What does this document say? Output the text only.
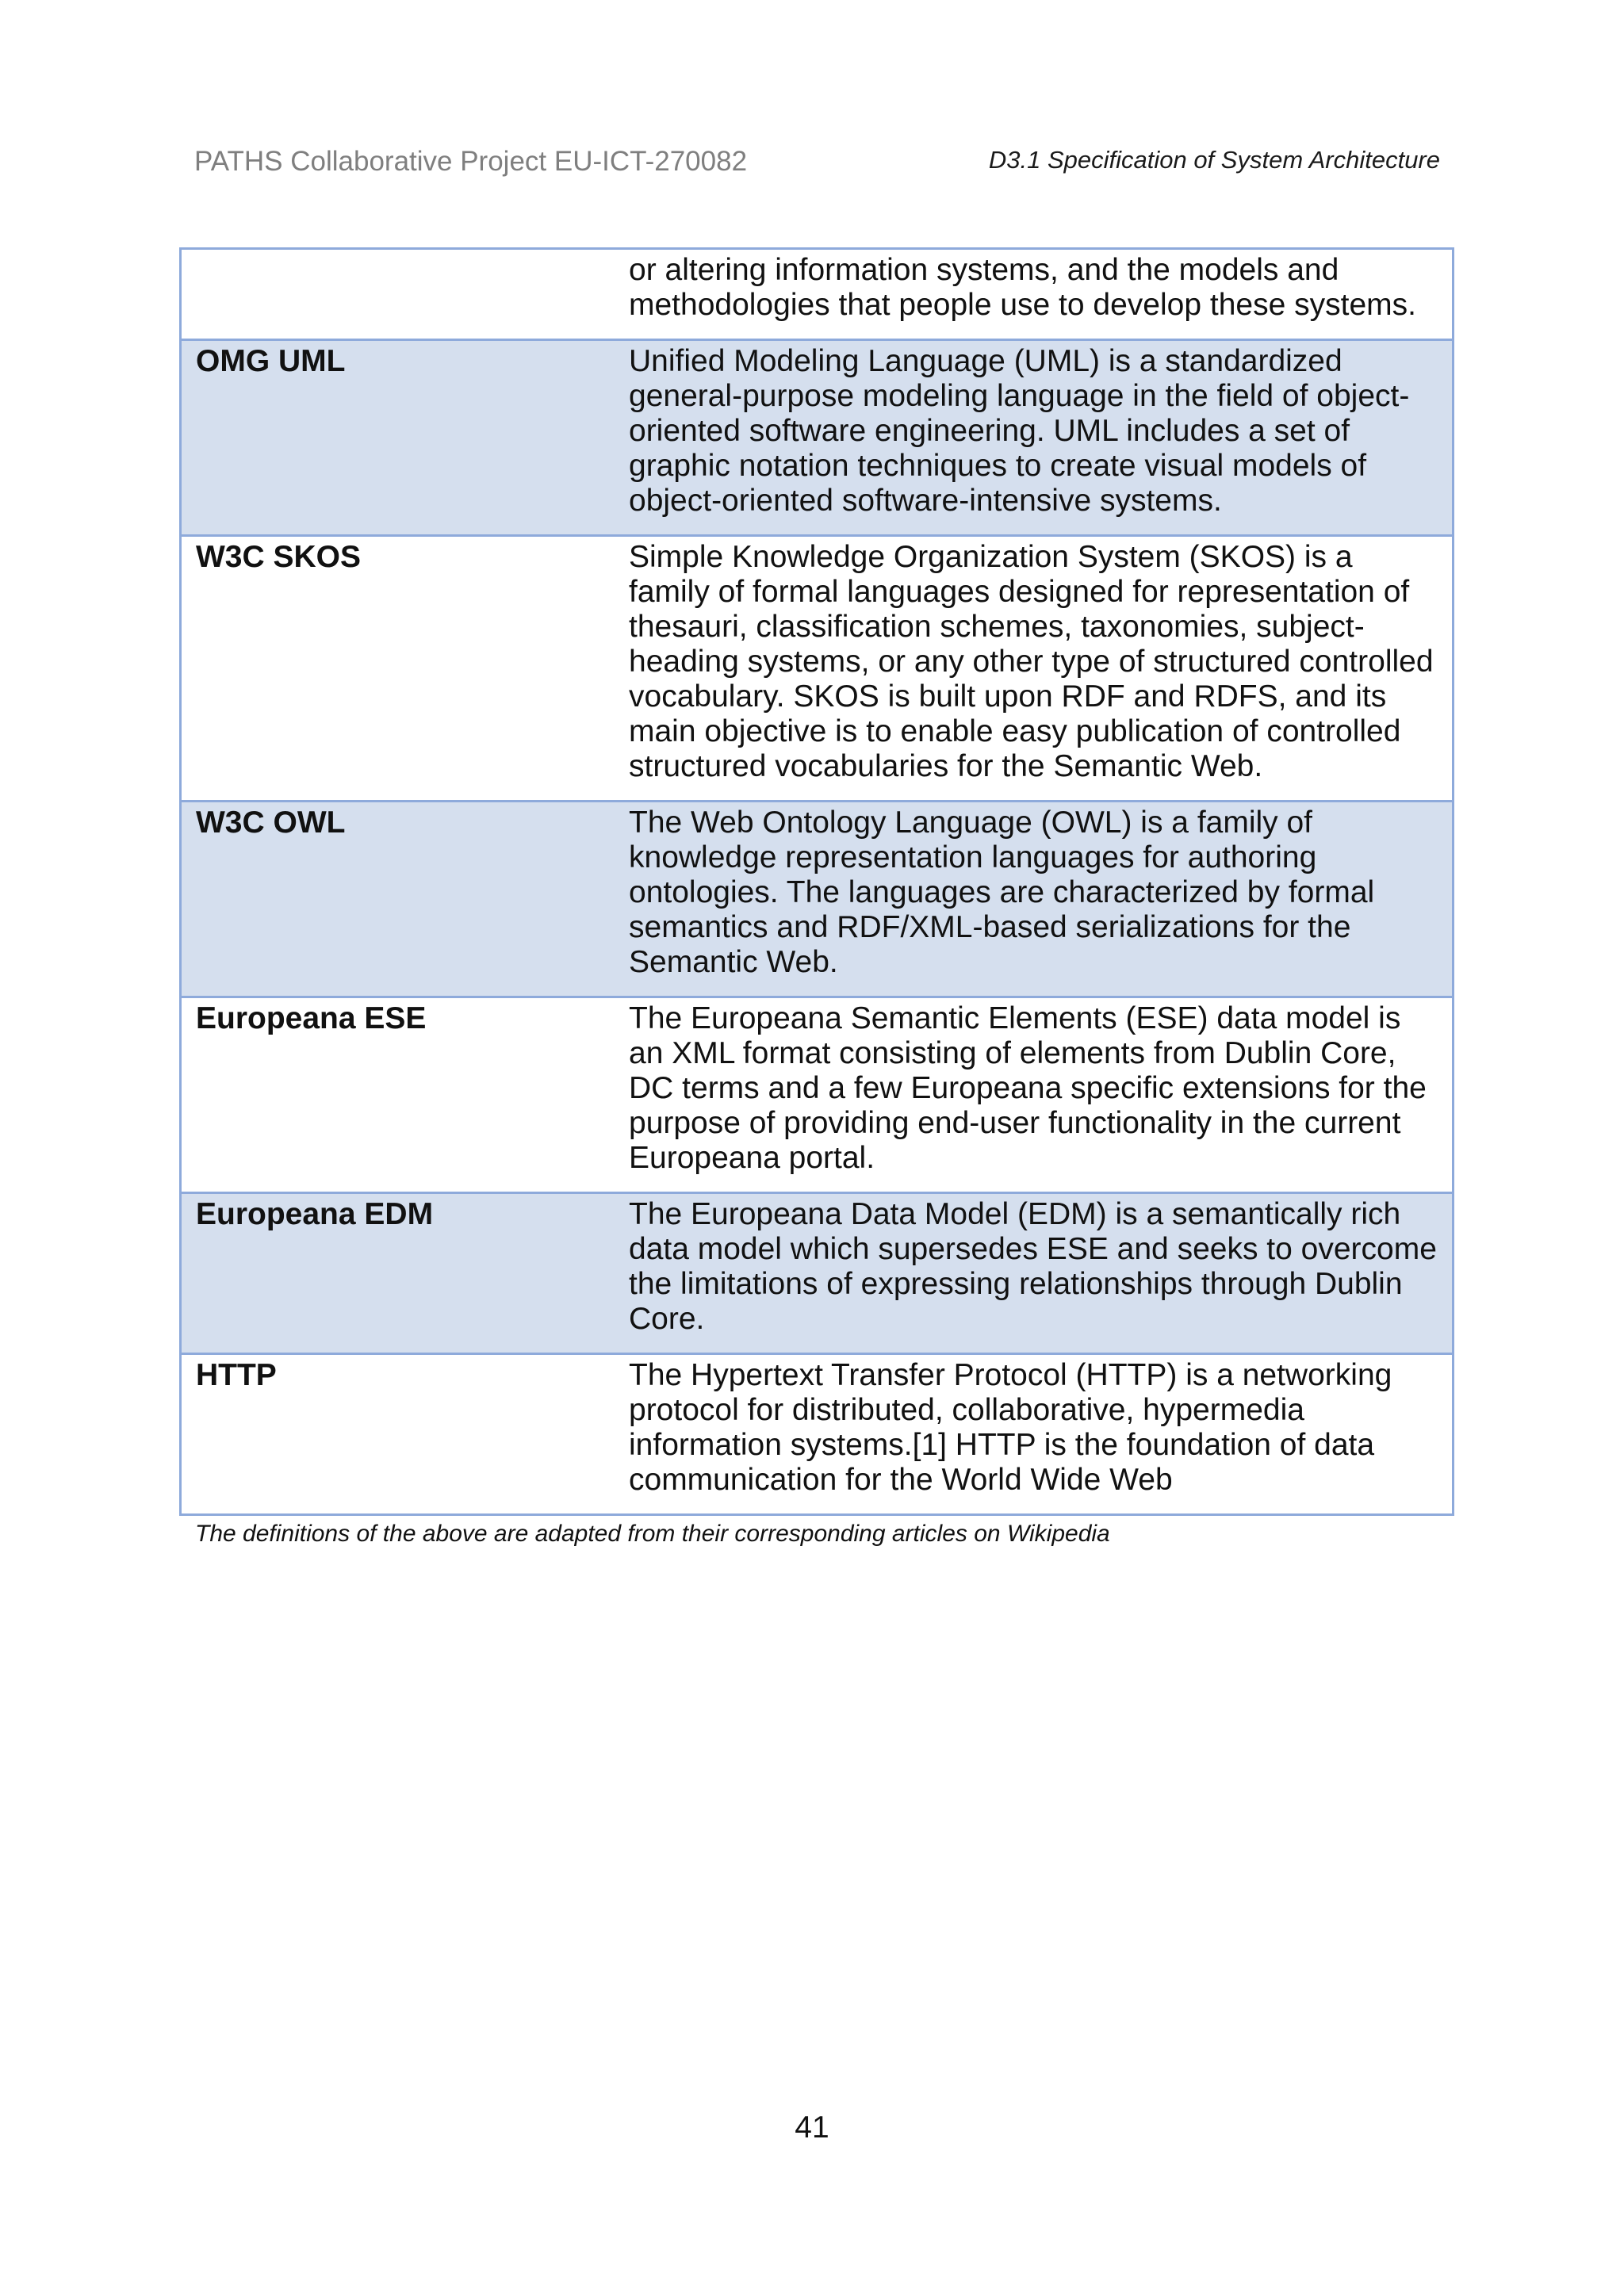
PATHS Collaborative Project EU-ICT-270082	D3.1 Specification of System Architecture
	or altering information systems, and the models and methodologies that people use to develop these systems.
OMG UML	Unified Modeling Language (UML) is a standardized general-purpose modeling language in the field of object-oriented software engineering. UML includes a set of graphic notation techniques to create visual models of object-oriented software-intensive systems.
W3C SKOS	Simple Knowledge Organization System (SKOS) is a family of formal languages designed for representation of thesauri, classification schemes, taxonomies, subject-heading systems, or any other type of structured controlled vocabulary. SKOS is built upon RDF and RDFS, and its main objective is to enable easy publication of controlled structured vocabularies for the Semantic Web.
W3C OWL	The Web Ontology Language (OWL) is a family of knowledge representation languages for authoring ontologies. The languages are characterized by formal semantics and RDF/XML-based serializations for the Semantic Web.
Europeana ESE	The Europeana Semantic Elements (ESE) data model is an XML format consisting of elements from Dublin Core, DC terms and a few Europeana specific extensions for the purpose of providing end-user functionality in the current Europeana portal.
Europeana EDM	The Europeana Data Model (EDM) is a semantically rich data model which supersedes ESE and seeks to overcome the limitations of expressing relationships through Dublin Core.
HTTP	The Hypertext Transfer Protocol (HTTP) is a networking protocol for distributed, collaborative, hypermedia information systems.[1] HTTP is the foundation of data communication for the World Wide Web
The definitions of the above are adapted from their corresponding articles on Wikipedia
41
